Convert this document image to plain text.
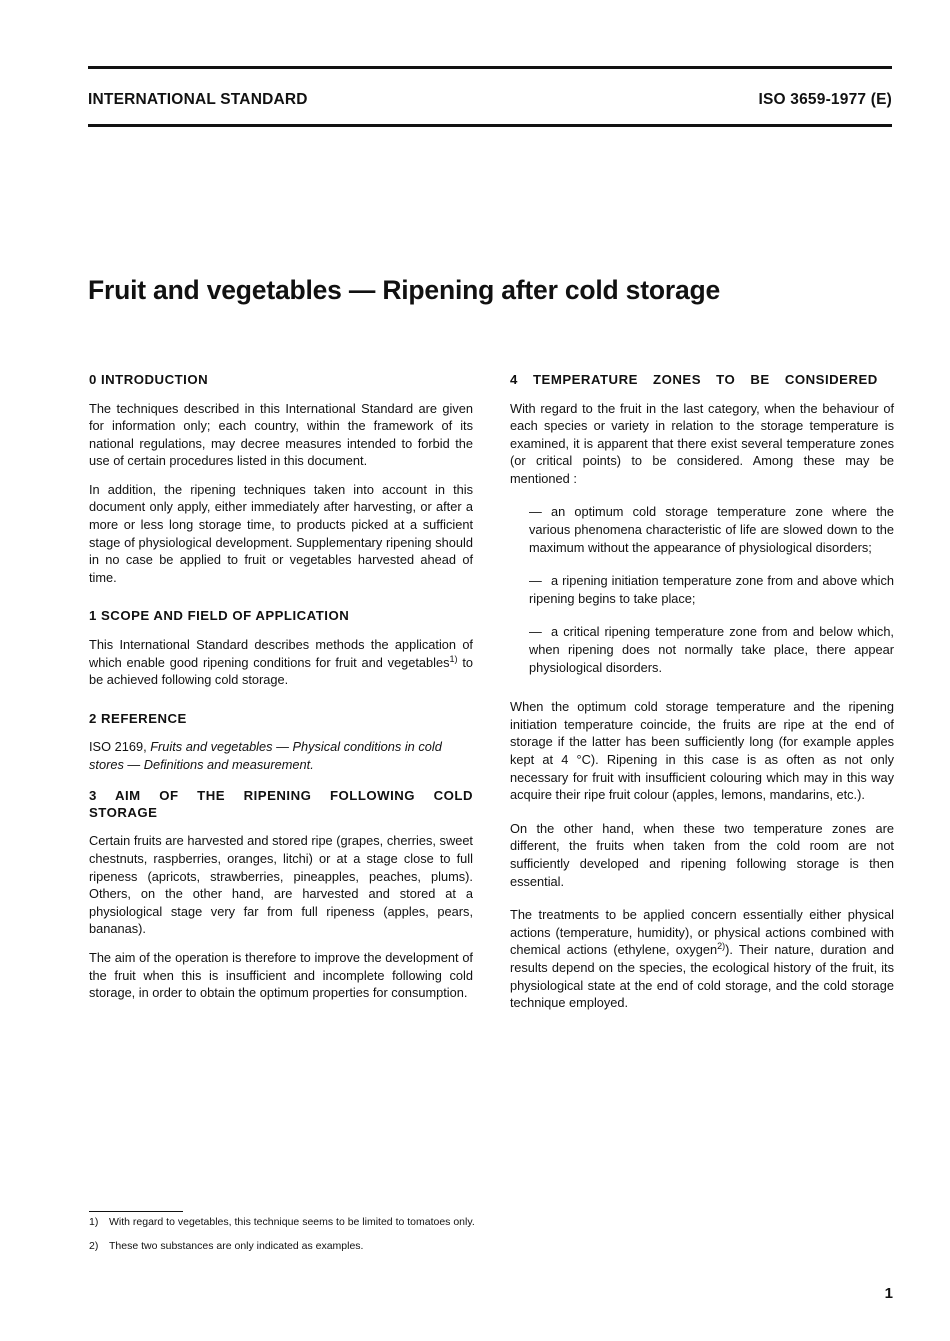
INTERNATIONAL STANDARD	ISO 3659-1977 (E)
Fruit and vegetables — Ripening after cold storage
0 INTRODUCTION

The techniques described in this International Standard are given for information only; each country, within the framework of its national regulations, may decree measures intended to forbid the use of certain procedures listed in this document.

In addition, the ripening techniques taken into account in this document only apply, either immediately after harvesting, or after a more or less long storage time, to products picked at a sufficient stage of physiological development. Supplementary ripening should in no case be applied to fruit or vegetables harvested ahead of time.

1 SCOPE AND FIELD OF APPLICATION

This International Standard describes methods the application of which enable good ripening conditions for fruit and vegetables$^{1)}$ to be achieved following cold storage.

2 REFERENCE

ISO 2169, Fruits and vegetables — Physical conditions in cold stores — Definitions and measurement.

3 AIM OF THE RIPENING FOLLOWING COLD STORAGE

Certain fruits are harvested and stored ripe (grapes, cherries, sweet chestnuts, raspberries, oranges, litchi) or at a stage close to full ripeness (apricots, strawberries, pineapples, peaches, plums). Others, on the other hand, are harvested and stored at a physiological stage very far from full ripeness (apples, pears, bananas).

The aim of the operation is therefore to improve the development of the fruit when this is insufficient and incomplete following cold storage, in order to obtain the optimum properties for consumption.

4 TEMPERATURE ZONES TO BE CONSIDERED

With regard to the fruit in the last category, when the behaviour of each species or variety in relation to the storage temperature is examined, it is apparent that there exist several temperature zones (or critical points) to be considered. Among these may be mentioned :

— an optimum cold storage temperature zone where the various phenomena characteristic of life are slowed down to the maximum without the appearance of physiological disorders;
— a ripening initiation temperature zone from and above which ripening begins to take place;
— a critical ripening temperature zone from and below which, when ripening does not normally take place, there appear physiological disorders.

When the optimum cold storage temperature and the ripening initiation temperature coincide, the fruits are ripe at the end of storage if the latter has been sufficiently long (for example apples kept at 4 °C). Ripening in this case is as often as not only necessary for fruit with insufficient colouring which may in this way acquire their ripe fruit colour (apples, lemons, mandarins, etc.).

On the other hand, when these two temperature zones are different, the fruits when taken from the cold room are not sufficiently developed and ripening following storage is then essential.

The treatments to be applied concern essentially either physical actions (temperature, humidity), or physical actions combined with chemical actions (ethylene, oxygen$^{2)}$). Their nature, duration and results depend on the species, the ecological history of the fruit, its physiological state at the end of cold storage, and the cold storage technique employed.

1) With regard to vegetables, this technique seems to be limited to tomatoes only.
2) These two substances are only indicated as examples.
1
